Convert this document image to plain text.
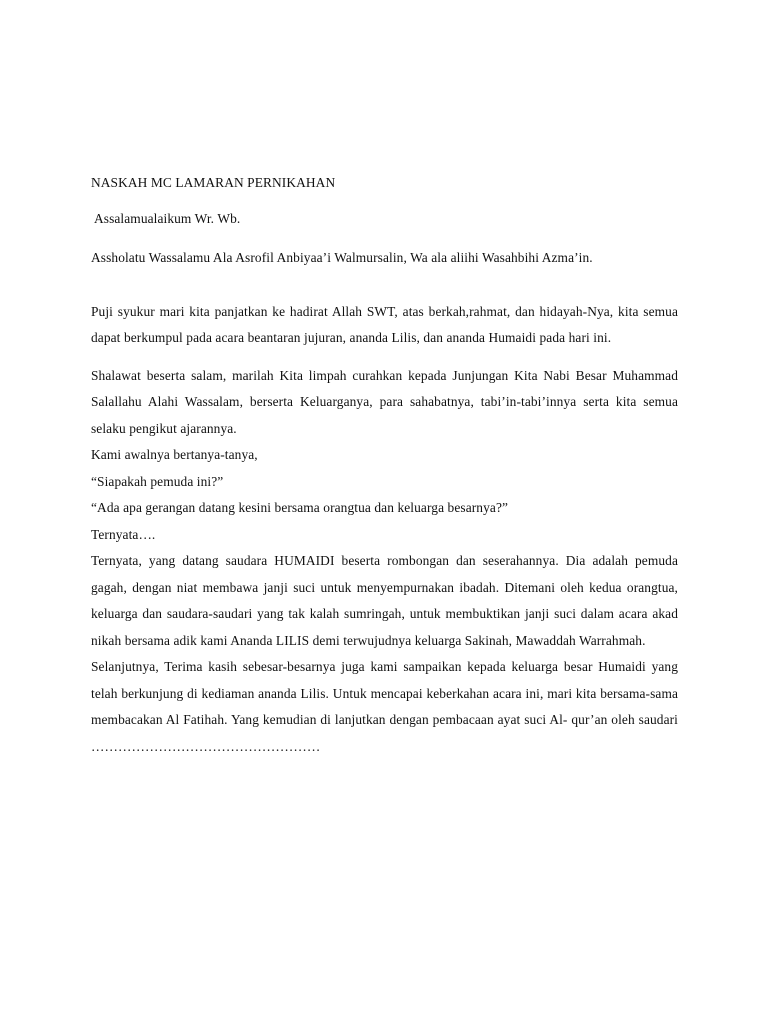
NASKAH MC LAMARAN PERNIKAHAN

Assalamualaikum Wr. Wb.

Assholatu Wassalamu Ala Asrofil Anbiyaa’i Walmursalin, Wa ala aliihi Wasahbihi Azma’in.

Puji syukur mari kita panjatkan ke hadirat Allah SWT, atas berkah,rahmat, dan hidayah-Nya, kita semua dapat berkumpul pada acara beantaran jujuran, ananda Lilis, dan ananda Humaidi pada hari ini.

Shalawat beserta salam, marilah Kita limpah curahkan kepada Junjungan Kita Nabi Besar Muhammad Salallahu Alahi Wassalam, berserta Keluarganya, para sahabatnya, tabi’in-tabi’innya serta kita semua selaku pengikut ajarannya.

Kami awalnya bertanya-tanya,

“Siapakah pemuda ini?”

“Ada apa gerangan datang kesini bersama orangtua dan keluarga besarnya?”

Ternyata….

Ternyata, yang datang saudara HUMAIDI beserta rombongan dan seserahannya. Dia adalah pemuda gagah, dengan niat membawa janji suci untuk menyempurnakan ibadah. Ditemani oleh kedua orangtua, keluarga dan saudara-saudari yang tak kalah sumringah, untuk membuktikan janji suci dalam acara akad nikah bersama adik kami Ananda LILIS demi terwujudnya keluarga Sakinah, Mawaddah Warrahmah.

Selanjutnya, Terima kasih sebesar-besarnya juga kami sampaikan kepada keluarga besar Humaidi yang telah berkunjung di kediaman ananda Lilis. Untuk mencapai keberkahan acara ini, mari kita bersama-sama membacakan Al Fatihah. Yang kemudian di lanjutkan dengan pembacaan ayat suci Al- qur’an oleh saudari ……………………………………………
